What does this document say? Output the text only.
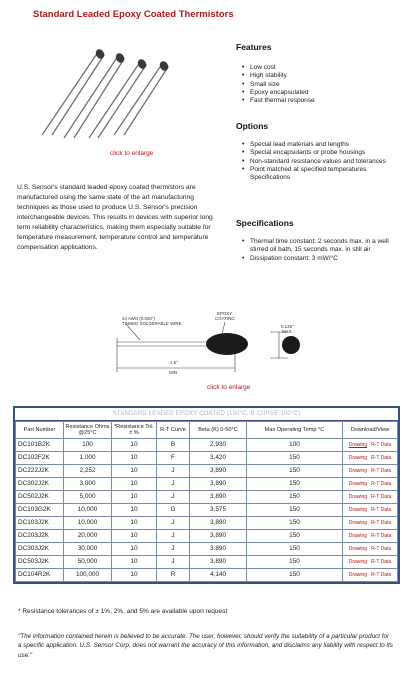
Standard Leaded Epoxy Coated Thermistors
click to enlarge
U.S. Sensor's standard leaded epoxy coated thermistors are manufactured using the same state of the art manufacturing techniques as those used to produce U.S. Sensor's precision interchangeable devices. This results in devices with superior long term reliability characteristics, making them especially suitable for temperature measurement, temperature control and temperature compensation applications.
Features
• Low cost
• High stability
• Small size
• Epoxy encapsulated
• Fast thermal response
Options
• Special lead materials and lengths
• Special encapsulants or probe housings
• Non-standard resistance values and tolerances
• Point matched at specified temperatures Specifications
Specifications
• Thermal time constant: 2 seconds max. in a well stirred oil bath, 15 seconds max. in still air
• Dissipation constant: 3 mW/°C
24 AWG (0.020")
TINNED SOLDERABLE WIRE
EPOXY
COATING
0.125"
MAX
1.5"
MIN
click to enlarge
STANDARD LEADED EPOXY COATED (150°C, B CURVE 100°C)
Part Number	Resistance Ohms @25°C	*Resistance Tol. ± %	R-T Curve	Beta (K) 0-50°C	Max Operating Temp °C	Download/View
DC101B2K	100	10	B	2,930	100	Drawing R-T Data
DC102F2K	1,000	10	F	3,420	150	Drawing R-T Data
DC222J2K	2,252	10	J	3,890	150	Drawing R-T Data
DC302J2K	3,000	10	J	3,890	150	Drawing R-T Data
DC502J2K	5,000	10	J	3,890	150	Drawing R-T Data
DC103G2K	10,000	10	G	3,575	150	Drawing R-T Data
DC103J2K	10,000	10	J	3,890	150	Drawing R-T Data
DC203J2K	20,000	10	J	3,890	150	Drawing R-T Data
DC303J2K	30,000	10	J	3,890	150	Drawing R-T Data
DC503J2K	50,000	10	J	3,890	150	Drawing R-T Data
DC104R2K	100,000	10	R	4,140	150	Drawing R-T Data
* Resistance tolerances of ± 1%, 2%, and 5% are available upon request
"The information contained herein is believed to be accurate. The user, however, should verify the suitability of a particular product for a specific application. U.S. Sensor Corp. does not warrant the accuracy of this information, and disclaims any liability with respect to its use."
